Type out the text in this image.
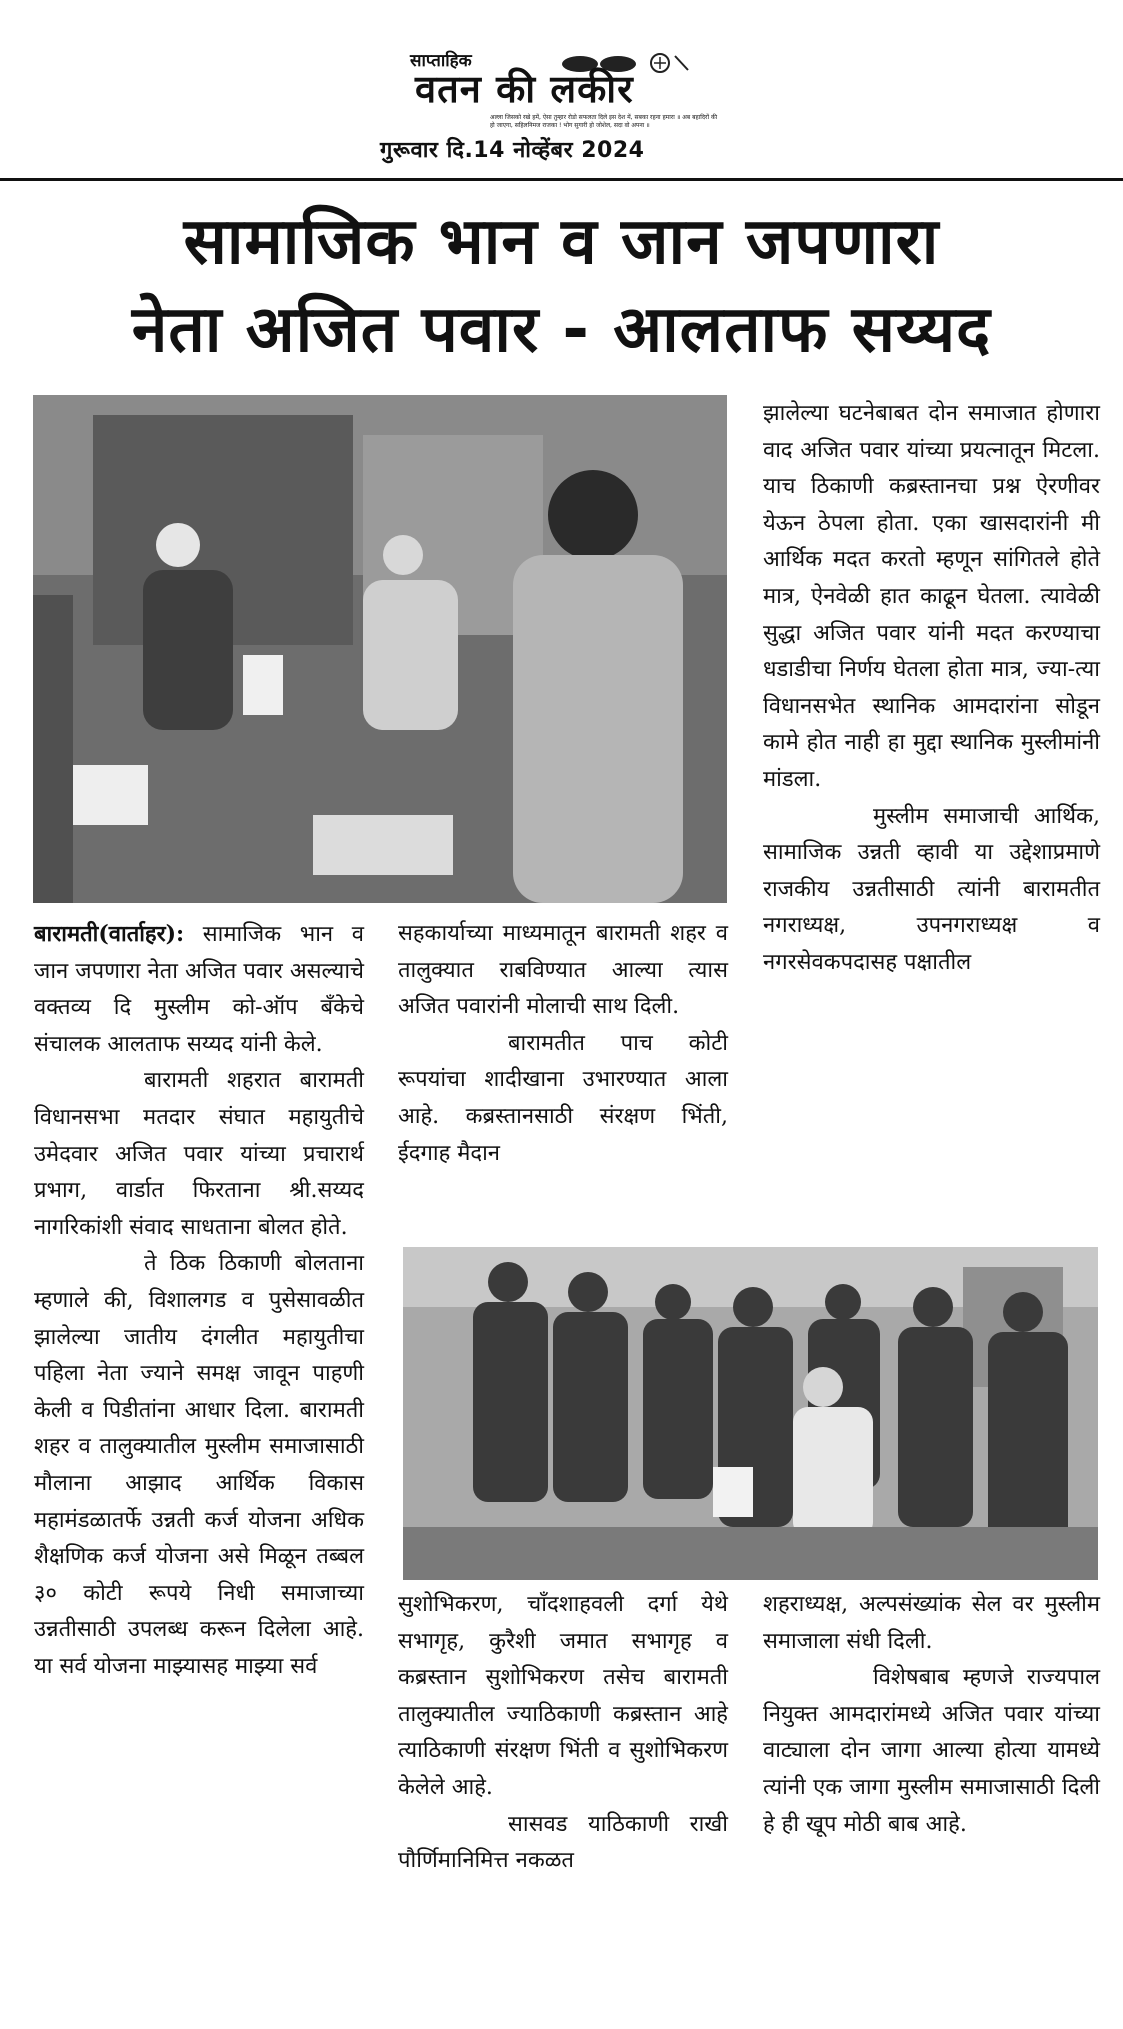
साप्ताहिक
वतन की लकीर
अल्ला जिसको रखे हमें, ऐसा तुम्हार रोडो सफलता दिले इस देश में, सबका रहना हमारा ॥ अब बहादिरों की हो जाएगा, सहिलनिमज राजका ! भोग सुगारी हो जोशेल, सदा वो अपना ॥
गुरूवार दि.14 नोव्हेंबर 2024
सामाजिक भान व जान जपणारा
नेता अजित पवार - आलताफ सय्यद

बारामती(वार्ताहर): सामाजिक भान व जान जपणारा नेता अजित पवार असल्याचे वक्तव्य दि मुस्लीम को-ऑप बँकेचे संचालक आलताफ सय्यद यांनी केले.

बारामती शहरात बारामती विधानसभा मतदार संघात महायुतीचे उमेदवार अजित पवार यांच्या प्रचारार्थ प्रभाग, वार्डात फिरताना श्री.सय्यद नागरिकांशी संवाद साधताना बोलत होते.

ते ठिक ठिकाणी बोलताना म्हणाले की, विशालगड व पुसेसावळीत झालेल्या जातीय दंगलीत महायुतीचा पहिला नेता ज्याने समक्ष जावून पाहणी केली व पिडीतांना आधार दिला. बारामती शहर व तालुक्यातील मुस्लीम समाजासाठी मौलाना आझाद आर्थिक विकास महामंडळातर्फे उन्नती कर्ज योजना अधिक शैक्षणिक कर्ज योजना असे मिळून तब्बल ३० कोटी रूपये निधी समाजाच्या उन्नतीसाठी उपलब्ध करून दिलेला आहे. या सर्व योजना माझ्यासह माझ्या सर्व

सहकार्याच्या माध्यमातून बारामती शहर व तालुक्यात राबविण्यात आल्या त्यास अजित पवारांनी मोलाची साथ दिली.

बारामतीत पाच कोटी रूपयांचा शादीखाना उभारण्यात आला आहे. कब्रस्तानसाठी संरक्षण भिंती, ईदगाह मैदान

झालेल्या घटनेबाबत दोन समाजात होणारा वाद अजित पवार यांच्या प्रयत्नातून मिटला. याच ठिकाणी कब्रस्तानचा प्रश्न ऐरणीवर येऊन ठेपला होता. एका खासदारांनी मी आर्थिक मदत करतो म्हणून सांगितले होते मात्र, ऐनवेळी हात काढून घेतला. त्यावेळी सुद्धा अजित पवार यांनी मदत करण्याचा धडाडीचा निर्णय घेतला होता मात्र, ज्या-त्या विधानसभेत स्थानिक आमदारांना सोडून कामे होत नाही हा मुद्दा स्थानिक मुस्लीमांनी मांडला.

मुस्लीम समाजाची आर्थिक, सामाजिक उन्नती व्हावी या उद्देशाप्रमाणे राजकीय उन्नतीसाठी त्यांनी बारामतीत नगराध्यक्ष, उपनगराध्यक्ष व नगरसेवकपदासह पक्षातील

सुशोभिकरण, चाँदशाहवली दर्गा येथे सभागृह, कुरैशी जमात सभागृह व कब्रस्तान सुशोभिकरण तसेच बारामती तालुक्यातील ज्याठिकाणी कब्रस्तान आहे त्याठिकाणी संरक्षण भिंती व सुशोभिकरण केलेले आहे.

सासवड याठिकाणी राखी पौर्णिमानिमित्त नकळत

शहराध्यक्ष, अल्पसंख्यांक सेल वर मुस्लीम समाजाला संधी दिली.

विशेषबाब म्हणजे राज्यपाल नियुक्त आमदारांमध्ये अजित पवार यांच्या वाट्याला दोन जागा आल्या होत्या यामध्ये त्यांनी एक जागा मुस्लीम समाजासाठी दिली हे ही खूप मोठी बाब आहे.
